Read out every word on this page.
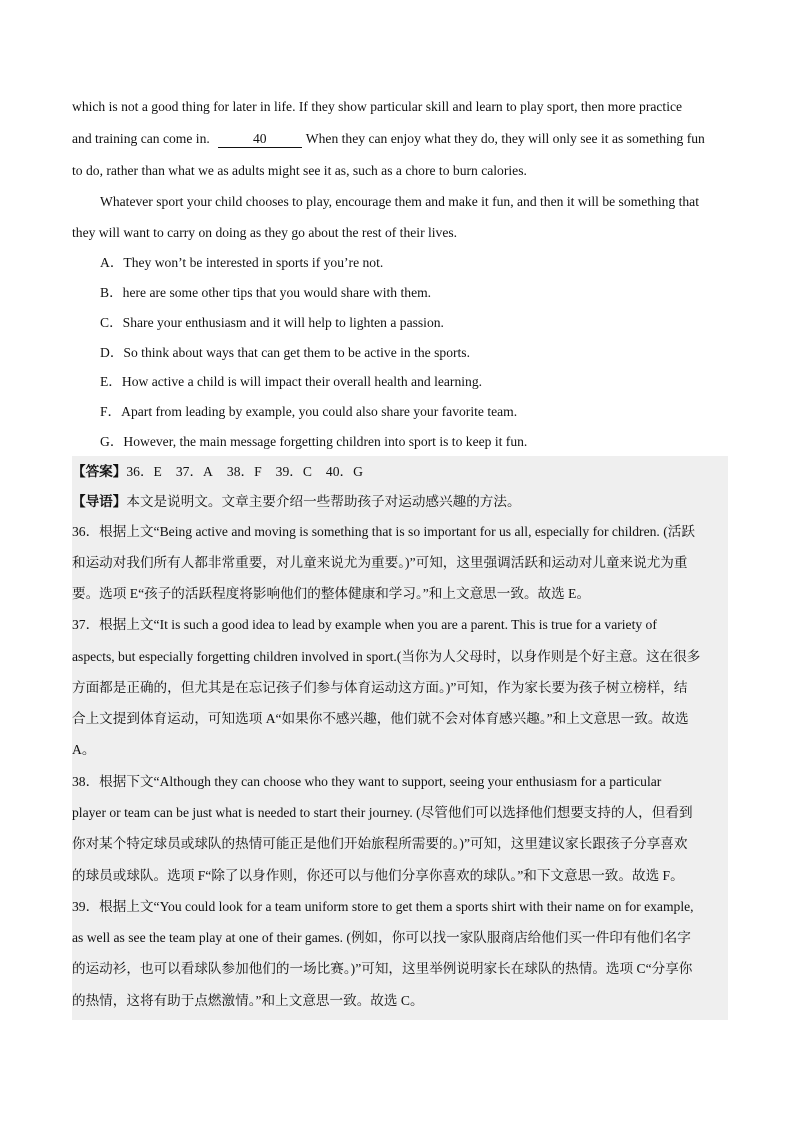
which is not a good thing for later in life. If they show particular skill and learn to play sport, then more practice
and training can come in.	40	When they can enjoy what they do, they will only see it as something fun
to do, rather than what we as adults might see it as, such as a chore to burn calories.
Whatever sport your child chooses to play, encourage them and make it fun, and then it will be something that
they will want to carry on doing as they go about the rest of their lives.
A．They won’t be interested in sports if you’re not.
B．here are some other tips that you would share with them.
C．Share your enthusiasm and it will help to lighten a passion.
D．So think about ways that can get them to be active in the sports.
E．How active a child is will impact their overall health and learning.
F．Apart from leading by example, you could also share your favorite team.
G．However, the main message forgetting children into sport is to keep it fun.
【答案】36．E 37．A 38．F 39．C 40．G
【导语】本文是说明文。文章主要介绍一些帮助孩子对运动感兴趣的方法。
36．根据上文“Being active and moving is something that is so important for us all, especially for children. (活跃
和运动对我们所有人都非常重要，对儿童来说尤为重要。)”可知，这里强调活跃和运动对儿童来说尤为重
要。选项 E“孩子的活跃程度将影响他们的整体健康和学习。”和上文意思一致。故选 E。
37．根据上文“It is such a good idea to lead by example when you are a parent. This is true for a variety of
aspects, but especially forgetting children involved in sport.(当你为人父母时，以身作则是个好主意。这在很多
方面都是正确的，但尤其是在忘记孩子们参与体育运动这方面。)”可知，作为家长要为孩子树立榜样，结
合上文提到体育运动，可知选项 A“如果你不感兴趣，他们就不会对体育感兴趣。”和上文意思一致。故选
A。
38．根据下文“Although they can choose who they want to support, seeing your enthusiasm for a particular
player or team can be just what is needed to start their journey. (尽管他们可以选择他们想要支持的人，但看到
你对某个特定球员或球队的热情可能正是他们开始旅程所需要的。)”可知，这里建议家长跟孩子分享喜欢
的球员或球队。选项 F“除了以身作则，你还可以与他们分享你喜欢的球队。”和下文意思一致。故选 F。
39．根据上文“You could look for a team uniform store to get them a sports shirt with their name on for example,
as well as see the team play at one of their games. (例如，你可以找一家队服商店给他们买一件印有他们名字
的运动衫，也可以看球队参加他们的一场比赛。)”可知，这里举例说明家长在球队的热情。选项 C“分享你
的热情，这将有助于点燃激情。”和上文意思一致。故选 C。
